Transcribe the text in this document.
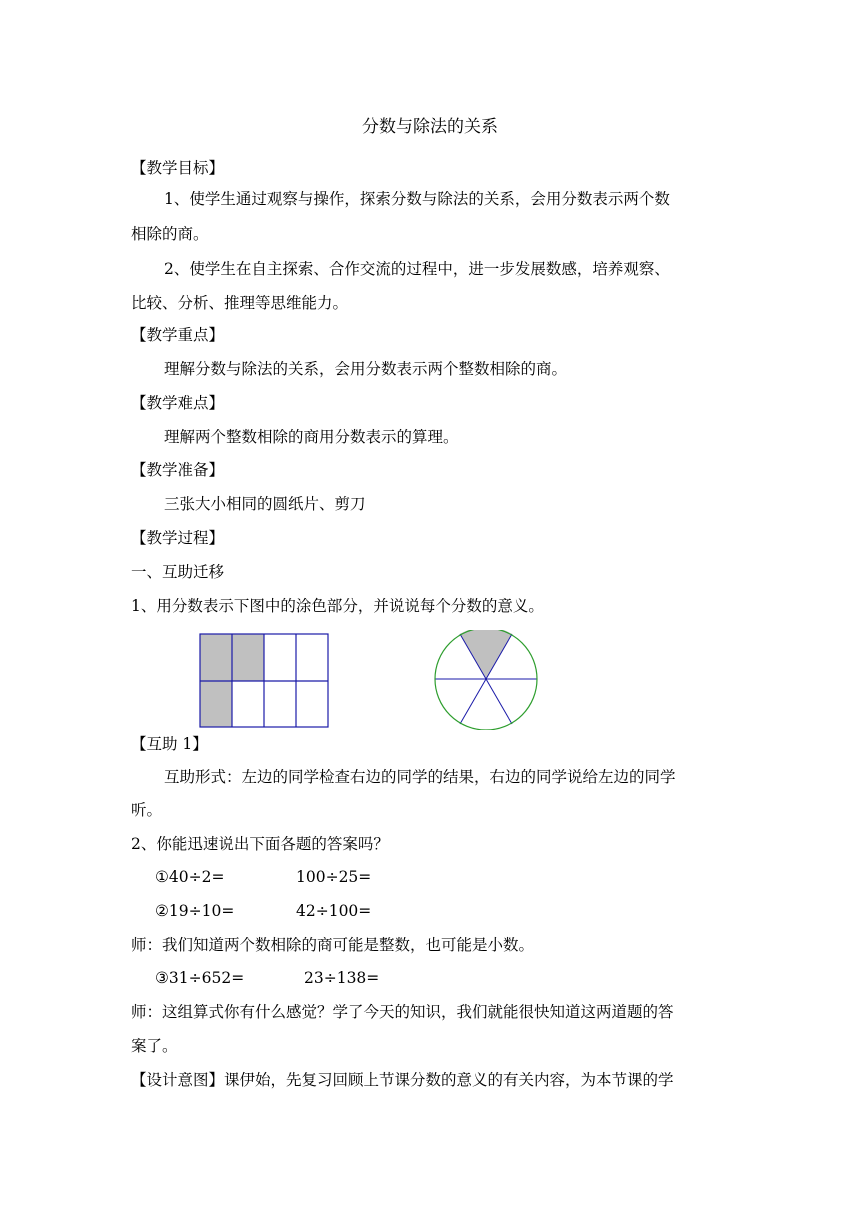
分数与除法的关系
【教学目标】
1、使学生通过观察与操作，探索分数与除法的关系，会用分数表示两个数
相除的商。
2、使学生在自主探索、合作交流的过程中，进一步发展数感，培养观察、
比较、分析、推理等思维能力。
【教学重点】
理解分数与除法的关系，会用分数表示两个整数相除的商。
【教学难点】
理解两个整数相除的商用分数表示的算理。
【教学准备】
三张大小相同的圆纸片、剪刀
【教学过程】
一、互助迁移
1、用分数表示下图中的涂色部分，并说说每个分数的意义。
【互助 1】
互助形式：左边的同学检查右边的同学的结果，右边的同学说给左边的同学
听。
2、你能迅速说出下面各题的答案吗？
①40÷2=	100÷25=
②19÷10=	42÷100=
师：我们知道两个数相除的商可能是整数，也可能是小数。
③31÷652=	23÷138=
师：这组算式你有什么感觉？学了今天的知识，我们就能很快知道这两道题的答
案了。
【设计意图】课伊始，先复习回顾上节课分数的意义的有关内容，为本节课的学
